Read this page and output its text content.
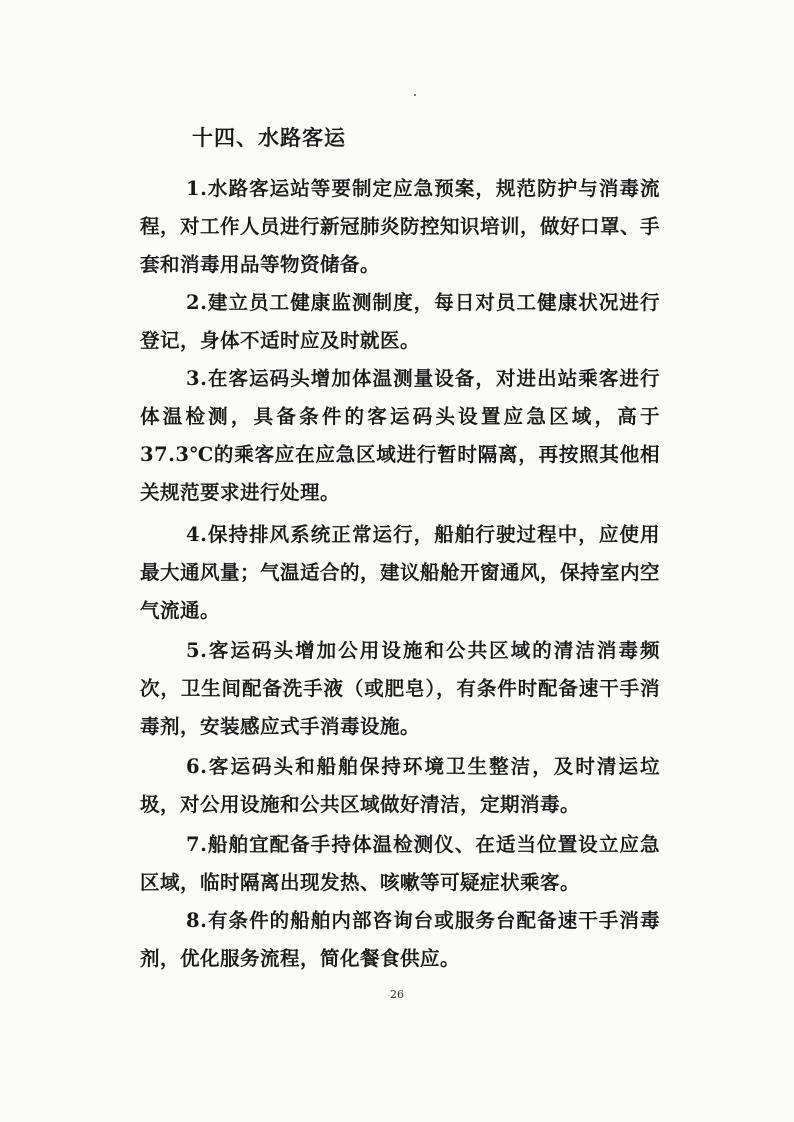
十四、水路客运

1.水路客运站等要制定应急预案，规范防护与消毒流程，对工作人员进行新冠肺炎防控知识培训，做好口罩、手套和消毒用品等物资储备。

2.建立员工健康监测制度，每日对员工健康状况进行登记，身体不适时应及时就医。

3.在客运码头增加体温测量设备，对进出站乘客进行体温检测，具备条件的客运码头设置应急区域，高于37.3℃的乘客应在应急区域进行暂时隔离，再按照其他相关规范要求进行处理。

4.保持排风系统正常运行，船舶行驶过程中，应使用最大通风量；气温适合的，建议船舱开窗通风，保持室内空气流通。

5.客运码头增加公用设施和公共区域的清洁消毒频次，卫生间配备洗手液（或肥皂），有条件时配备速干手消毒剂，安装感应式手消毒设施。

6.客运码头和船舶保持环境卫生整洁，及时清运垃圾，对公用设施和公共区域做好清洁，定期消毒。

7.船舶宜配备手持体温检测仪、在适当位置设立应急区域，临时隔离出现发热、咳嗽等可疑症状乘客。

8.有条件的船舶内部咨询台或服务台配备速干手消毒剂，优化服务流程，简化餐食供应。

26
